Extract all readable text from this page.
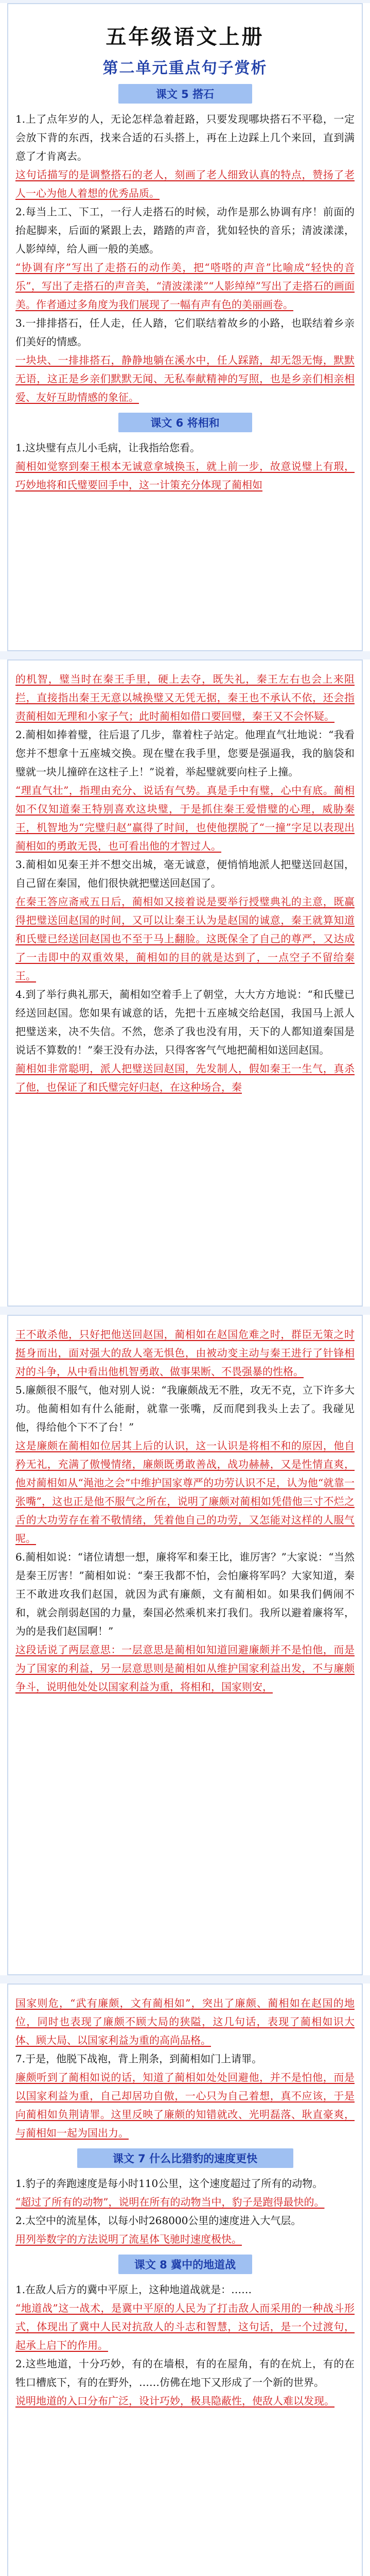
五年级语文上册
第二单元重点句子赏析
课文 5 搭石

1.上了点年岁的人，无论怎样急着赶路，只要发现哪块搭石不平稳，一定会放下背的东西，找来合适的石头搭上，再在上边踩上几个来回，直到满意了才肯离去。

这句话描写的是调整搭石的老人，刻画了老人细致认真的特点，赞扬了老人一心为他人着想的优秀品质。

2.每当上工、下工，一行人走搭石的时候，动作是那么协调有序！前面的抬起脚来，后面的紧跟上去，踏踏的声音，犹如轻快的音乐；清波漾漾，人影绰绰，给人画一般的美感。

“协调有序”写出了走搭石的动作美，把“嗒嗒的声音”比喻成“轻快的音乐”，写出了走搭石的声音美，“清波漾漾”“人影绰绰”写出了走搭石的画面美。作者通过多角度为我们展现了一幅有声有色的美丽画卷。

3.一排排搭石，任人走，任人踏，它们联结着故乡的小路，也联结着乡亲们美好的情感。

一块块、一排排搭石，静静地躺在溪水中，任人踩踏，却无怨无悔，默默无语，这正是乡亲们默默无闻、无私奉献精神的写照，也是乡亲们相亲相爱、友好互助情感的象征。

课文 6 将相和

1.这块璧有点儿小毛病，让我指给您看。

蔺相如觉察到秦王根本无诚意拿城换玉，就上前一步，故意说璧上有瑕，巧妙地将和氏璧要回手中，这一计策充分体现了蔺相如

的机智，璧当时在秦王手里，硬上去夺，既失礼，秦王左右也会上来阻拦，直接指出秦王无意以城换璧又无凭无据，秦王也不承认不依，还会指责蔺相如无理和小家子气；此时蔺相如借口要回璧，秦王又不会怀疑。

2.蔺相如捧着璧，往后退了几步，靠着柱子站定。他理直气壮地说：“我看您并不想拿十五座城交换。现在璧在我手里，您要是强逼我，我的脑袋和璧就一块儿撞碎在这柱子上！”说着，举起璧就要向柱子上撞。

“理直气壮”，指理由充分、说话有气势。真是手中有璧，心中有底。蔺相如不仅知道秦王特别喜欢这块璧，于是抓住秦王爱惜璧的心理，威胁秦王，机智地为“完璧归赵”赢得了时间，也使他摆脱了“一撞”字足以表现出蔺相如的勇敢无畏，也可看出他的才智过人。

3.蔺相如见秦王并不想交出城，毫无诚意，便悄悄地派人把璧送回赵国，自己留在秦国，他们很快就把璧送回赵国了。

在秦王答应斋戒五日后，蔺相如又接着说是要举行授璧典礼的主意，既赢得把璧送回赵国的时间，又可以让秦王认为是赵国的诚意，秦王就算知道和氏璧已经送回赵国也不至于马上翻脸。这既保全了自己的尊严，又达成了一击即中的双重效果，蔺相如的目的就是达到了，一点空子不留给秦王。

4.到了举行典礼那天，蔺相如空着手上了朝堂，大大方方地说：“和氏璧已经送回赵国。您如果有诚意的话，先把十五座城交给赵国，我国马上派人把璧送来，决不失信。不然，您杀了我也没有用，天下的人都知道秦国是说话不算数的！”秦王没有办法，只得客客气气地把蔺相如送回赵国。

蔺相如非常聪明，派人把璧送回赵国，先发制人，假如秦王一生气，真杀了他，也保证了和氏璧完好归赵，在这种场合，秦

王不敢杀他，只好把他送回赵国，蔺相如在赵国危难之时，群臣无策之时挺身而出，面对强大的敌人毫无惧色，由被动变主动与秦王进行了针锋相对的斗争，从中看出他机智勇敢、做事果断、不畏强暴的性格。

5.廉颇很不服气，他对别人说：“我廉颇战无不胜，攻无不克，立下许多大功。他蔺相如有什么能耐，就靠一张嘴，反而爬到我头上去了。我碰见他，得给他个下不了台！”

这是廉颇在蔺相如位居其上后的认识，这一认识是将相不和的原因，他自矜无礼，充满了傲慢情绪，廉颇既勇敢善战，战功赫赫，又是性情直爽，他对蔺相如从“渑池之会”中维护国家尊严的功劳认识不足，认为他“就靠一张嘴”，这也正是他不服气之所在，说明了廉颇对蔺相如凭借他三寸不烂之舌的大功劳存在着不敬情绪，凭着他自己的功劳，又怎能对这样的人服气呢。

6.蔺相如说：“诸位请想一想，廉将军和秦王比，谁厉害？”大家说：“当然是秦王厉害！”蔺相如说：“秦王我都不怕，会怕廉将军吗？大家知道，秦王不敢进攻我们赵国，就因为武有廉颇，文有蔺相如。如果我们俩闹不和，就会削弱赵国的力量，秦国必然乘机来打我们。我所以避着廉将军，为的是我们赵国啊！”

这段话说了两层意思：一层意思是蔺相如知道回避廉颇并不是怕他，而是为了国家的利益，另一层意思则是蔺相如从维护国家利益出发，不与廉颇争斗，说明他处处以国家利益为重，将相和，国家则安，

国家则危，“武有廉颇，文有蔺相如”，突出了廉颇、蔺相如在赵国的地位，同时也表现了廉颇不顾大局的狭隘，这几句话，表现了蔺相如识大体、顾大局、以国家利益为重的高尚品格。

7.于是，他脱下战袍，背上荆条，到蔺相如门上请罪。

廉颇听到了蔺相如说的话，知道了蔺相如处处回避他，并不是怕他，而是以国家利益为重，自己却居功自傲，一心只为自己着想，真不应该，于是向蔺相如负荆请罪。这里反映了廉颇的知错就改、光明磊落、耿直豪爽，与蔺相如一起为国出力。

课文 7 什么比猎豹的速度更快

1.豹子的奔跑速度是每小时110公里，这个速度超过了所有的动物。

“超过了所有的动物”，说明在所有的动物当中，豹子是跑得最快的。

2.太空中的流星体，以每小时268000公里的速度进入大气层。

用列举数字的方法说明了流星体飞驰时速度极快。

课文 8 冀中的地道战

1.在敌人后方的冀中平原上，这种地道战就是：……

“地道战”这一战术，是冀中平原的人民为了打击敌人而采用的一种战斗形式，体现出了冀中人民对抗敌人的斗志和智慧，这句话，是一个过渡句，起承上启下的作用。

2.这些地道，十分巧妙，有的在墙根，有的在屋角，有的在炕上，有的在牲口槽底下，有的在野外，……仿佛在地下又形成了一个新的世界。

说明地道的入口分布广泛，设计巧妙，极具隐蔽性，使敌人难以发现。
